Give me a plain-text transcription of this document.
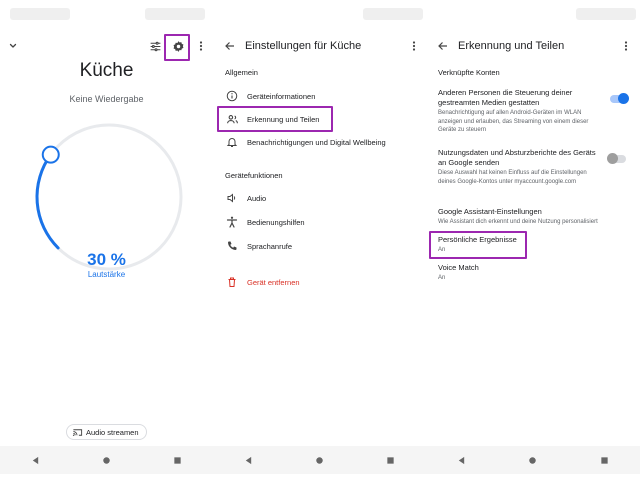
Küche
Keine Wiedergabe
30 %
Lautstärke
Audio streamen
Einstellungen für Küche
Allgemein
Geräteinformationen
Erkennung und Teilen
Benachrichtigungen und Digital Wellbeing
Gerätefunktionen
Audio
Bedienungshilfen
Sprachanrufe
Gerät entfernen
Erkennung und Teilen
Verknüpfte Konten
Anderen Personen die Steuerung deiner gestreamten Medien gestatten
Benachrichtigung auf allen Android-Geräten im WLAN anzeigen und erlauben, das Streaming von einem dieser Geräte zu steuern
Nutzungsdaten und Absturzberichte des Geräts an Google senden
Diese Auswahl hat keinen Einfluss auf die Einstellungen deines Google-Kontos unter myaccount.google.com
Google Assistant-Einstellungen
Wie Assistant dich erkennt und deine Nutzung personalisiert
Persönliche Ergebnisse
An
Voice Match
An
